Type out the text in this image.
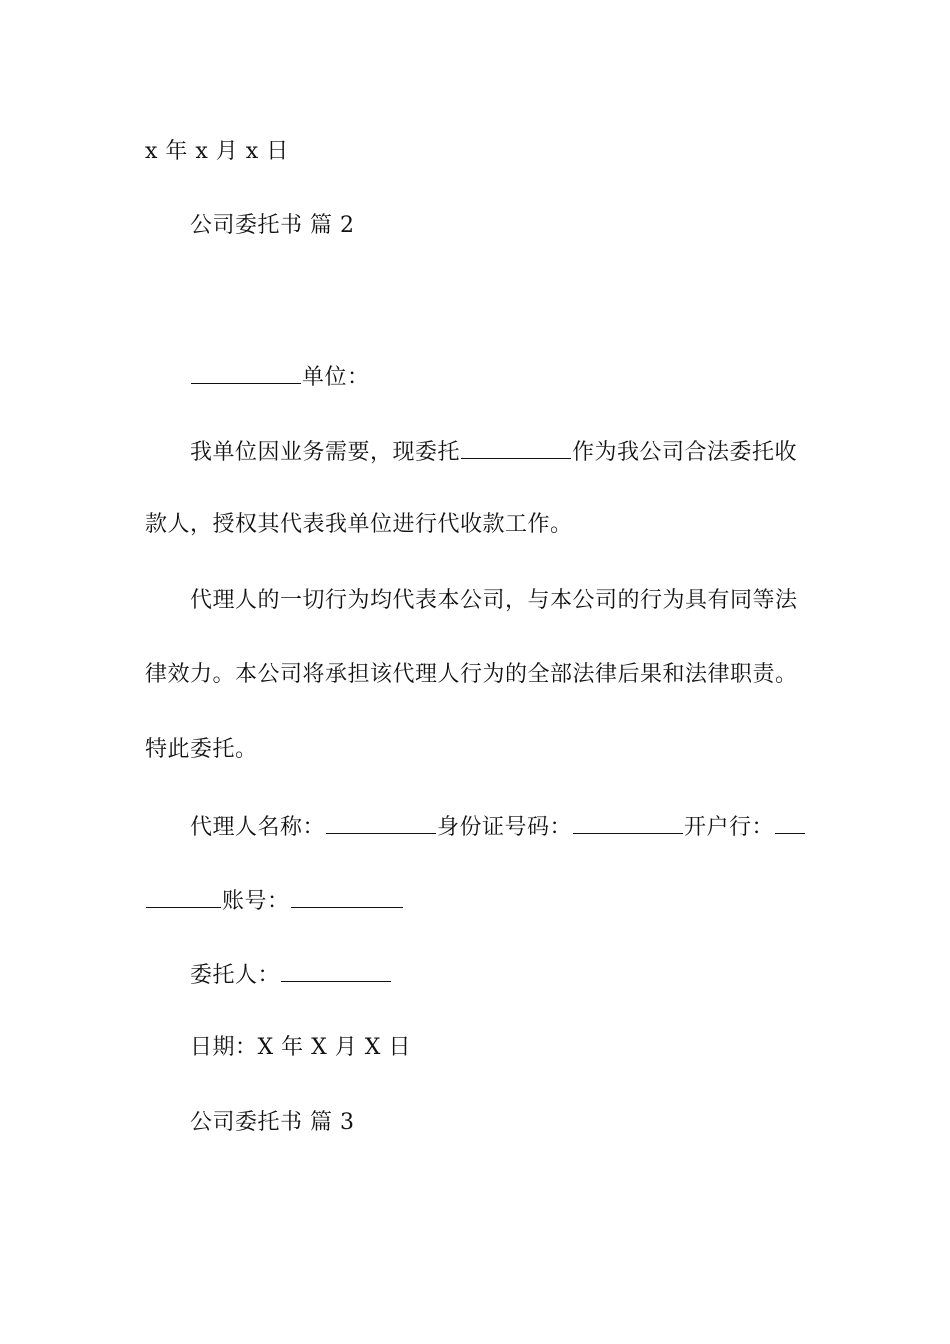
x 年 x 月 x 日
公司委托书 篇 2
单位：
我单位因业务需要，现委托	作为我公司合法委托收
款人，授权其代表我单位进行代收款工作。
代理人的一切行为均代表本公司，与本公司的行为具有同等法
律效力。本公司将承担该代理人行为的全部法律后果和法律职责。
特此委托。
代理人名称：	身份证号码：	开户行：
账号：
委托人：
日期：X 年 X 月 X 日
公司委托书 篇 3
